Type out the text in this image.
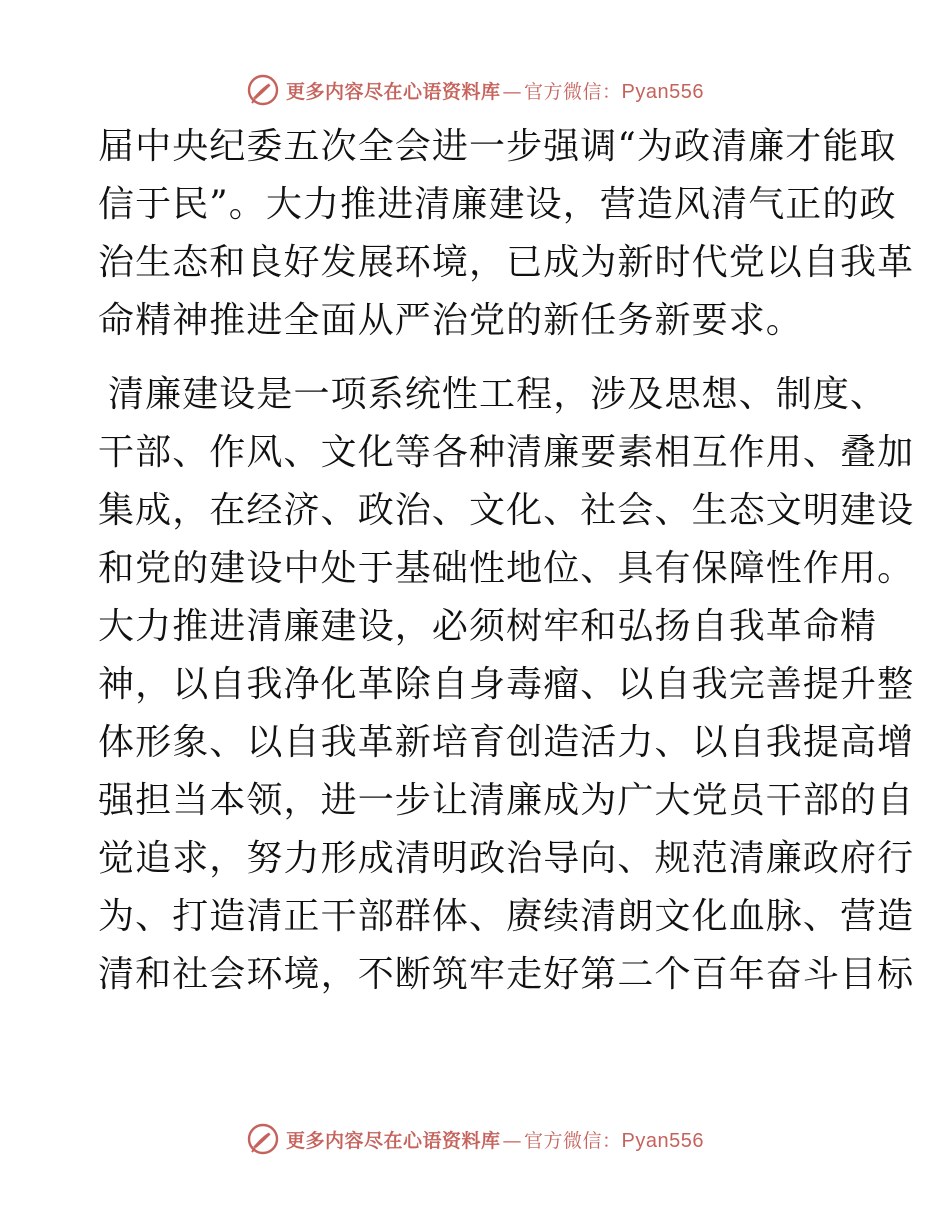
更多内容尽在心语资料库 — 官方微信： Pyan556

届中央纪委五次全会进一步强调“为政清廉才能取

信于民”。大力推进清廉建设，营造风清气正的政

治生态和良好发展环境，已成为新时代党以自我革

命精神推进全面从严治党的新任务新要求。

清廉建设是一项系统性工程，涉及思想、制度、

干部、作风、文化等各种清廉要素相互作用、叠加

集成，在经济、政治、文化、社会、生态文明建设

和党的建设中处于基础性地位、具有保障性作用。

大力推进清廉建设，必须树牢和弘扬自我革命精

神，以自我净化革除自身毒瘤、以自我完善提升整

体形象、以自我革新培育创造活力、以自我提高增

强担当本领，进一步让清廉成为广大党员干部的自

觉追求，努力形成清明政治导向、规范清廉政府行

为、打造清正干部群体、赓续清朗文化血脉、营造

清和社会环境，不断筑牢走好第二个百年奋斗目标

更多内容尽在心语资料库 — 官方微信： Pyan556
